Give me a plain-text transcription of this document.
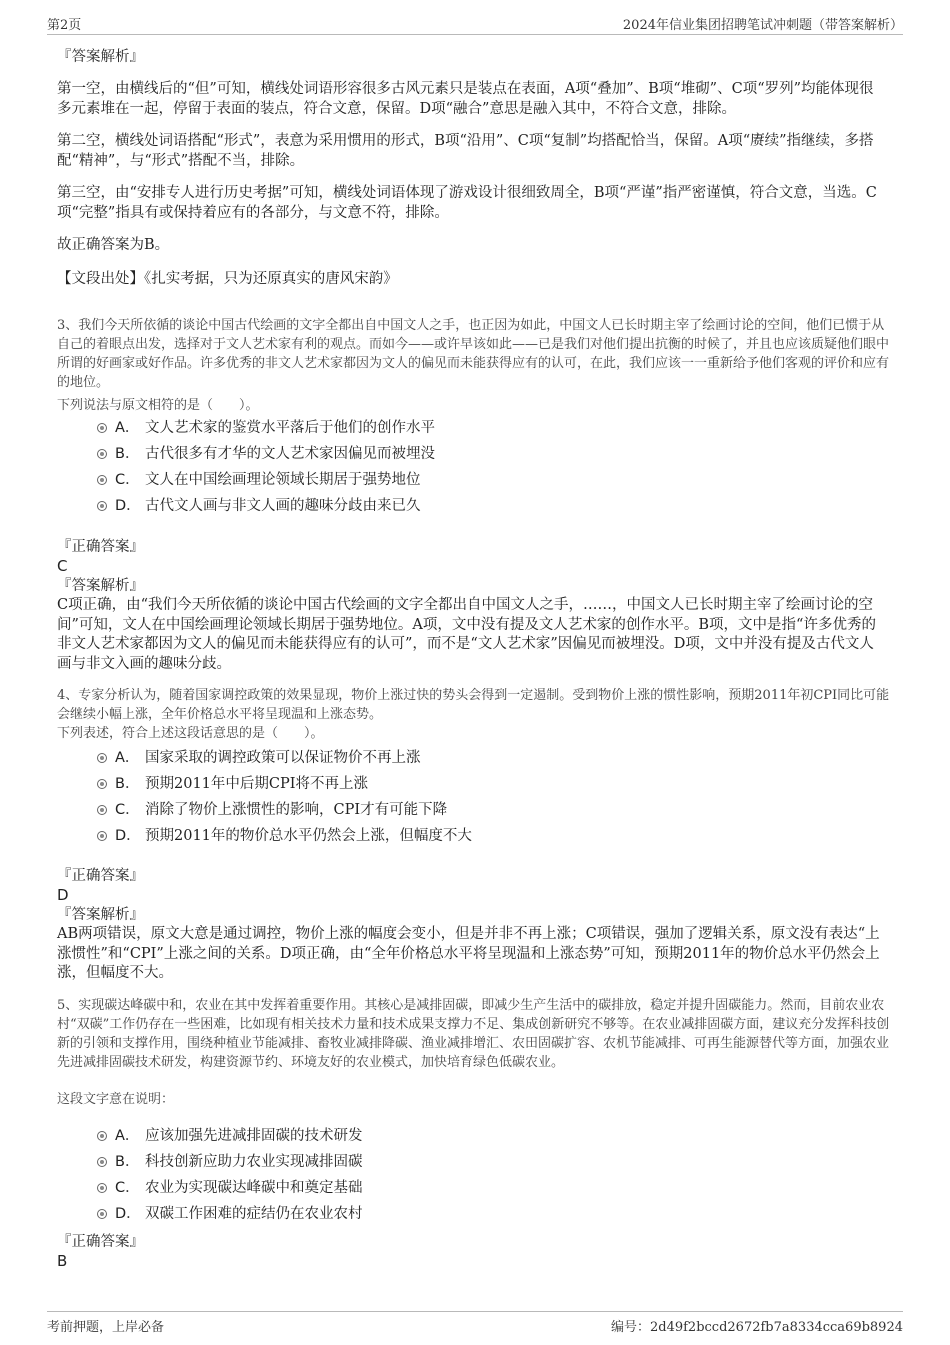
第2页	2024年信业集团招聘笔试冲刺题（带答案解析）
『答案解析』
第一空，由横线后的“但”可知，横线处词语形容很多古风元素只是装点在表面，A项“叠加”、B项“堆砌”、C项“罗列”均能体现很多元素堆在一起，停留于表面的装点，符合文意，保留。D项“融合”意思是融入其中，不符合文意，排除。
第二空，横线处词语搭配“形式”，表意为采用惯用的形式，B项“沿用”、C项“复制”均搭配恰当，保留。A项“赓续”指继续，多搭配“精神”，与“形式”搭配不当，排除。
第三空，由“安排专人进行历史考据”可知，横线处词语体现了游戏设计很细致周全，B项“严谨”指严密谨慎，符合文意，当选。C项“完整”指具有或保持着应有的各部分，与文意不符，排除。
故正确答案为B。
【文段出处】《扎实考据，只为还原真实的唐风宋韵》
3、我们今天所依循的谈论中国古代绘画的文字全都出自中国文人之手，也正因为如此，中国文人已长时期主宰了绘画讨论的空间，他们已惯于从自己的着眼点出发，选择对于文人艺术家有利的观点。而如今——或许早该如此——已是我们对他们提出抗衡的时候了，并且也应该质疑他们眼中所谓的好画家或好作品。许多优秀的非文人艺术家都因为文人的偏见而未能获得应有的认可，在此，我们应该一一重新给予他们客观的评价和应有的地位。
下列说法与原文相符的是（　　）。
A． 文人艺术家的鉴赏水平落后于他们的创作水平
B． 古代很多有才华的文人艺术家因偏见而被埋没
C． 文人在中国绘画理论领域长期居于强势地位
D． 古代文人画与非文人画的趣味分歧由来已久
『正确答案』
C
『答案解析』
C项正确，由“我们今天所依循的谈论中国古代绘画的文字全都出自中国文人之手，……，中国文人已长时期主宰了绘画讨论的空间”可知，文人在中国绘画理论领域长期居于强势地位。A项，文中没有提及文人艺术家的创作水平。B项，文中是指“许多优秀的非文人艺术家都因为文人的偏见而未能获得应有的认可”，而不是“文人艺术家”因偏见而被埋没。D项，文中并没有提及古代文人画与非文入画的趣味分歧。
4、专家分析认为，随着国家调控政策的效果显现，物价上涨过快的势头会得到一定遏制。受到物价上涨的惯性影响，预期2011年初CPI同比可能会继续小幅上涨，全年价格总水平将呈现温和上涨态势。
下列表述，符合上述这段话意思的是（　　）。
A． 国家采取的调控政策可以保证物价不再上涨
B． 预期2011年中后期CPI将不再上涨
C． 消除了物价上涨惯性的影响，CPI才有可能下降
D． 预期2011年的物价总水平仍然会上涨，但幅度不大
『正确答案』
D
『答案解析』
AB两项错误，原文大意是通过调控，物价上涨的幅度会变小，但是并非不再上涨；C项错误，强加了逻辑关系，原文没有表达“上涨惯性”和“CPI”上涨之间的关系。D项正确，由“全年价格总水平将呈现温和上涨态势”可知，预期2011年的物价总水平仍然会上涨，但幅度不大。
5、实现碳达峰碳中和，农业在其中发挥着重要作用。其核心是减排固碳，即减少生产生活中的碳排放，稳定并提升固碳能力。然而，目前农业农村“双碳”工作仍存在一些困难，比如现有相关技术力量和技术成果支撑力不足、集成创新研究不够等。在农业减排固碳方面，建议充分发挥科技创新的引领和支撑作用，围绕种植业节能减排、畜牧业减排降碳、渔业减排增汇、农田固碳扩容、农机节能减排、可再生能源替代等方面，加强农业先进减排固碳技术研发，构建资源节约、环境友好的农业模式，加快培育绿色低碳农业。
这段文字意在说明：
A． 应该加强先进减排固碳的技术研发
B． 科技创新应助力农业实现减排固碳
C． 农业为实现碳达峰碳中和奠定基础
D． 双碳工作困难的症结仍在农业农村
『正确答案』
B
考前押题，上岸必备	编号：2d49f2bccd2672fb7a8334cca69b8924
